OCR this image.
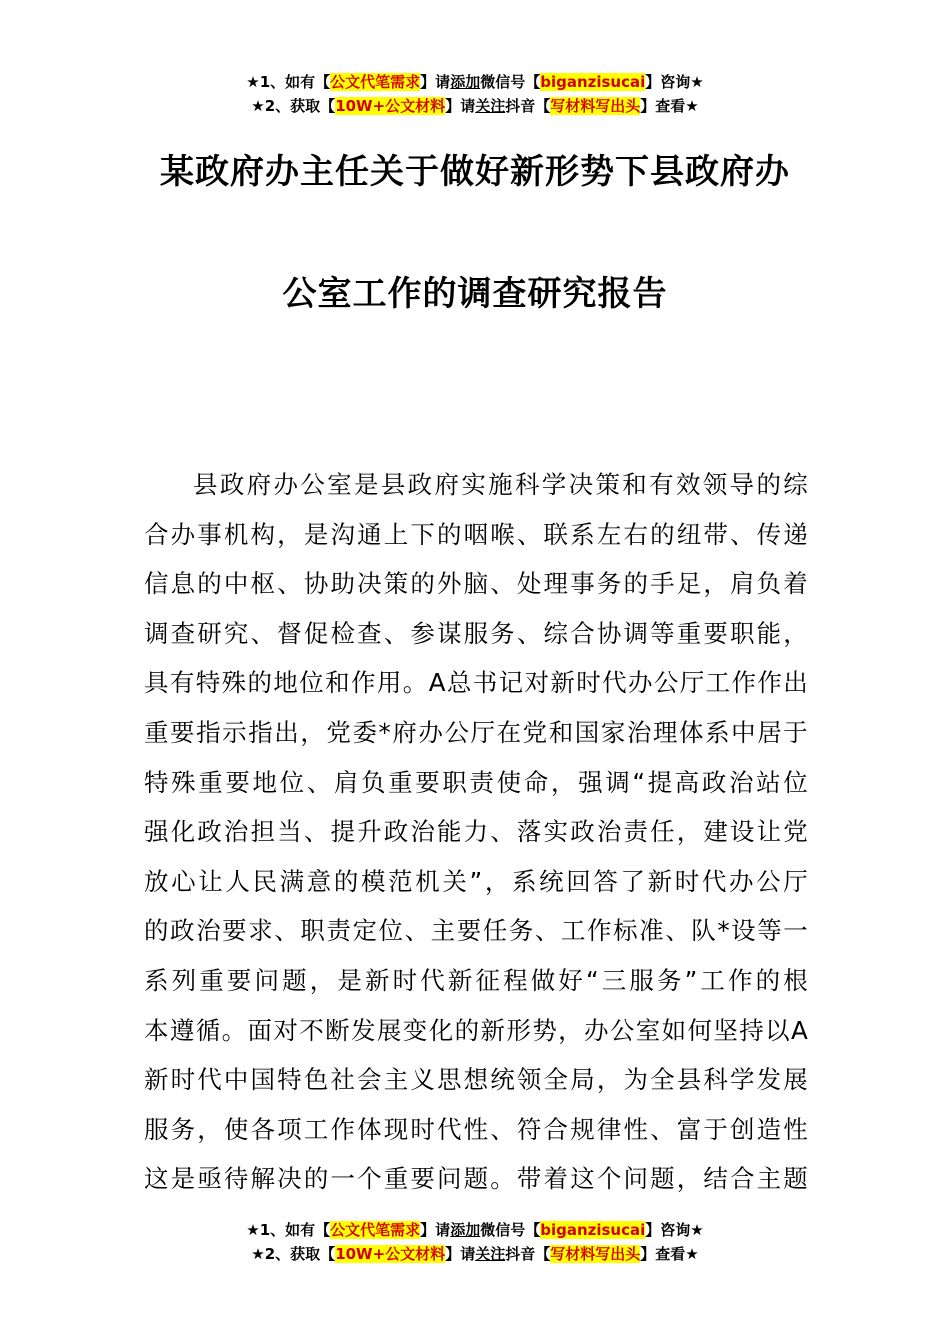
★1、如有【公文代笔需求】请添加微信号【biganzisucai】咨询★
★2、获取【10W+公文材料】请关注抖音【写材料写出头】查看★
某政府办主任关于做好新形势下县政府办
公室工作的调查研究报告
县政府办公室是县政府实施科学决策和有效领导的综
合办事机构，是沟通上下的咽喉、联系左右的纽带、传递
信息的中枢、协助决策的外脑、处理事务的手足，肩负着
调查研究、督促检查、参谋服务、综合协调等重要职能，
具有特殊的地位和作用。A总书记对新时代办公厅工作作出
重要指示指出，党委*府办公厅在党和国家治理体系中居于
特殊重要地位、肩负重要职责使命，强调“提高政治站位
强化政治担当、提升政治能力、落实政治责任，建设让党
放心让人民满意的模范机关”，系统回答了新时代办公厅
的政治要求、职责定位、主要任务、工作标准、队*设等一
系列重要问题，是新时代新征程做好“三服务”工作的根
本遵循。面对不断发展变化的新形势，办公室如何坚持以A
新时代中国特色社会主义思想统领全局，为全县科学发展
服务，使各项工作体现时代性、符合规律性、富于创造性
这是亟待解决的一个重要问题。带着这个问题，结合主题
★1、如有【公文代笔需求】请添加微信号【biganzisucai】咨询★
★2、获取【10W+公文材料】请关注抖音【写材料写出头】查看★
